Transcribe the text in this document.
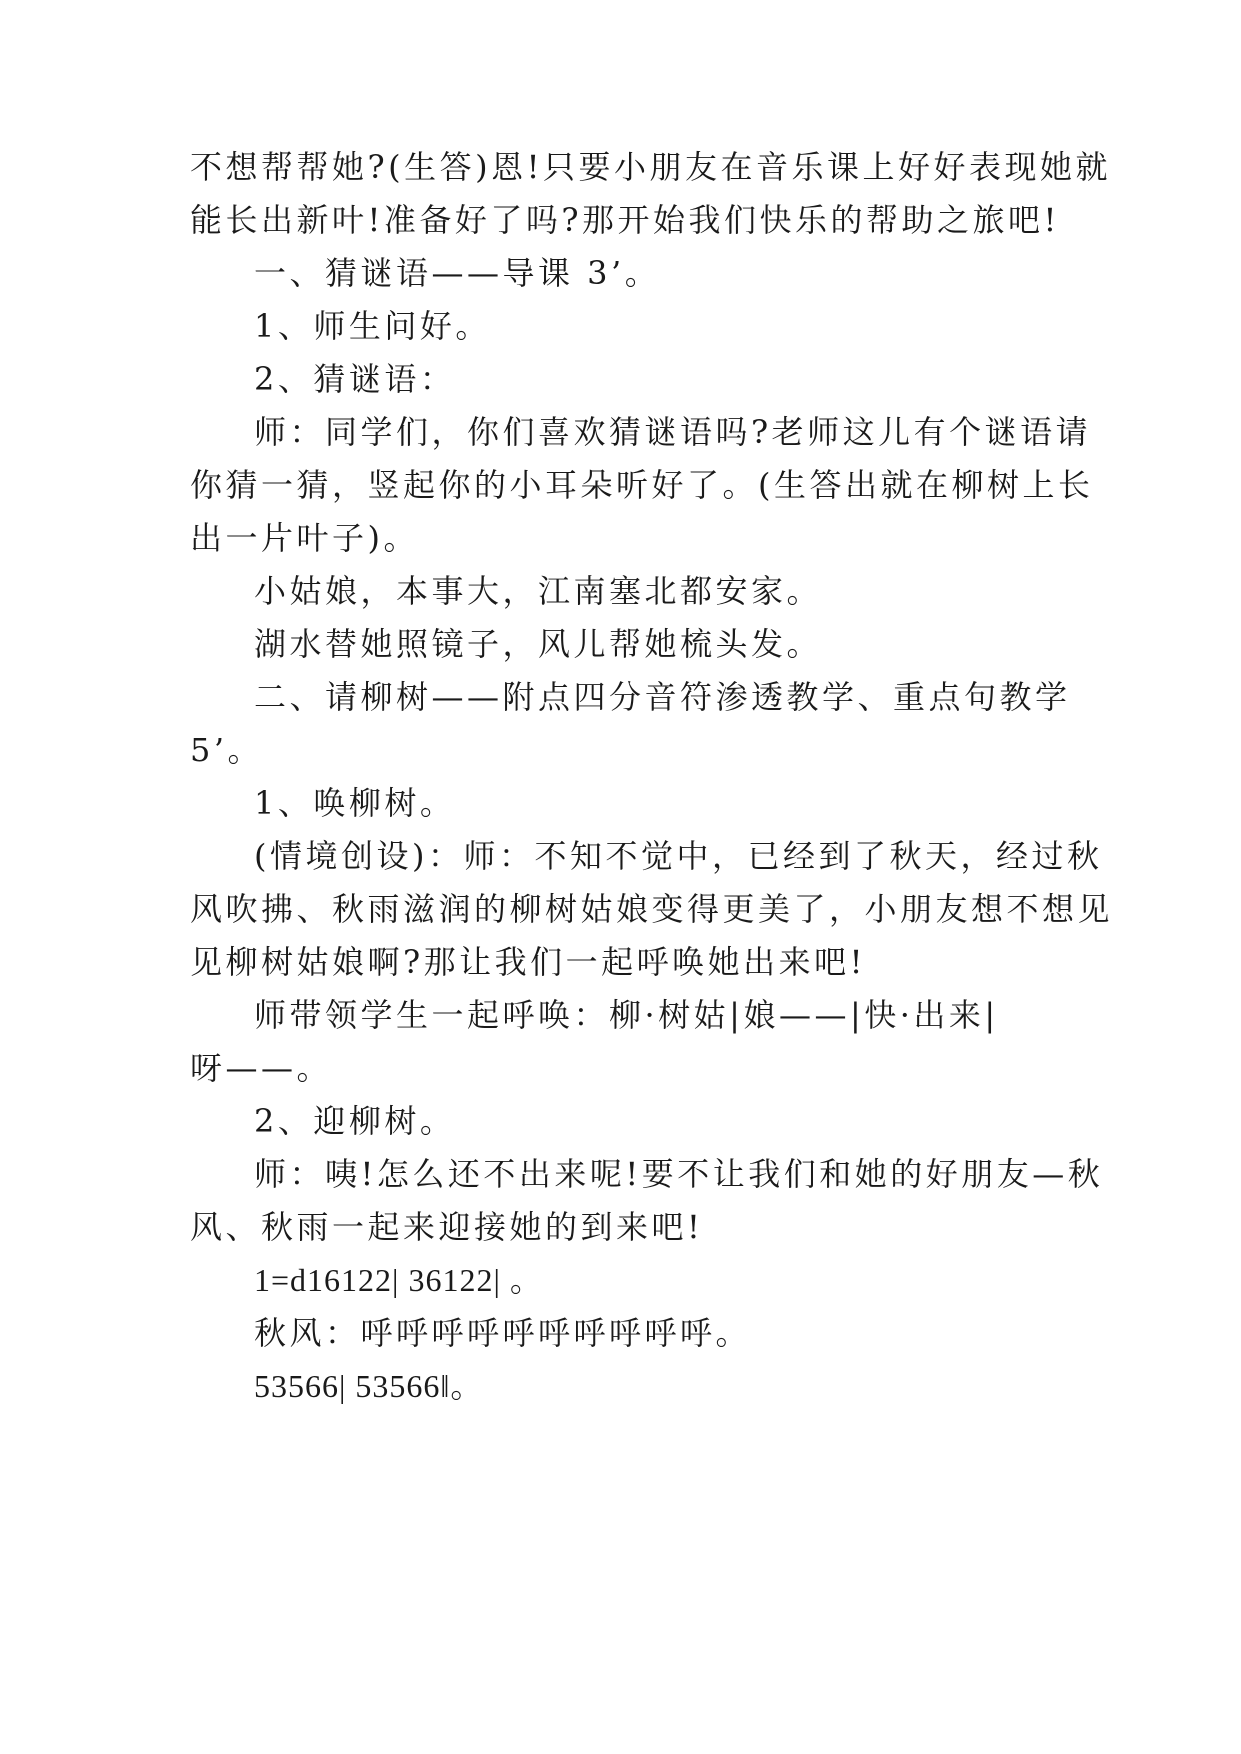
不想帮帮她?(生答)恩!只要小朋友在音乐课上好好表现她就
能长出新叶!准备好了吗?那开始我们快乐的帮助之旅吧!
一、猜谜语——导课 3’。
1、师生问好。
2、猜谜语：
师：同学们，你们喜欢猜谜语吗?老师这儿有个谜语请
你猜一猜，竖起你的小耳朵听好了。(生答出就在柳树上长
出一片叶子)。
小姑娘，本事大，江南塞北都安家。
湖水替她照镜子，风儿帮她梳头发。
二、请柳树——附点四分音符渗透教学、重点句教学
5’。
1、唤柳树。
(情境创设)：师：不知不觉中，已经到了秋天，经过秋
风吹拂、秋雨滋润的柳树姑娘变得更美了，小朋友想不想见
见柳树姑娘啊?那让我们一起呼唤她出来吧!
师带领学生一起呼唤：柳·树姑|娘——|快·出来|
呀——。
2、迎柳树。
师：咦!怎么还不出来呢!要不让我们和她的好朋友—秋
风、秋雨一起来迎接她的到来吧!
1=d16122| 36122| 。
秋风：呼呼呼呼呼呼呼呼呼呼。
53566| 53566‖。
